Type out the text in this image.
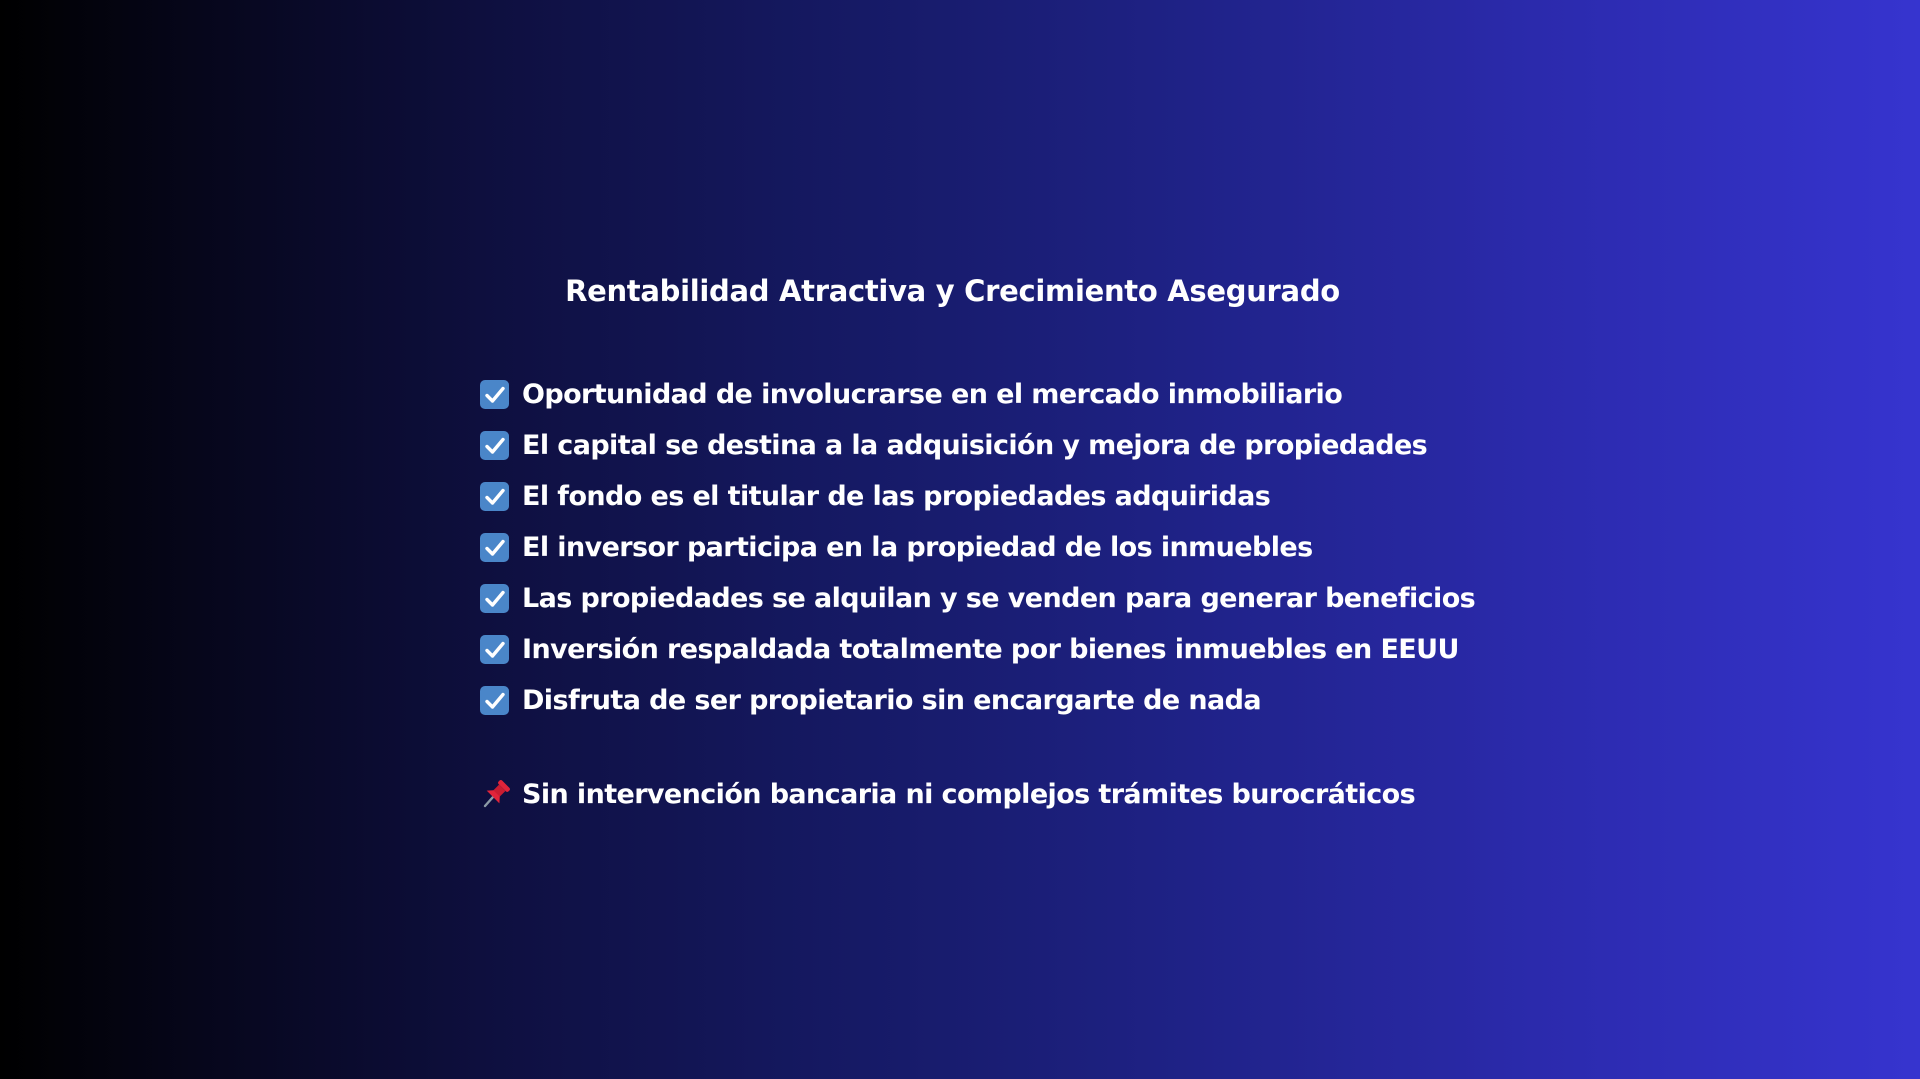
Rentabilidad Atractiva y Crecimiento Asegurado
Oportunidad de involucrarse en el mercado inmobiliario
El capital se destina a la adquisición y mejora de propiedades
El fondo es el titular de las propiedades adquiridas
El inversor participa en la propiedad de los inmuebles
Las propiedades se alquilan y se venden para generar beneficios
Inversión respaldada totalmente por bienes inmuebles en EEUU
Disfruta de ser propietario sin encargarte de nada
Sin intervención bancaria ni complejos trámites burocráticos
